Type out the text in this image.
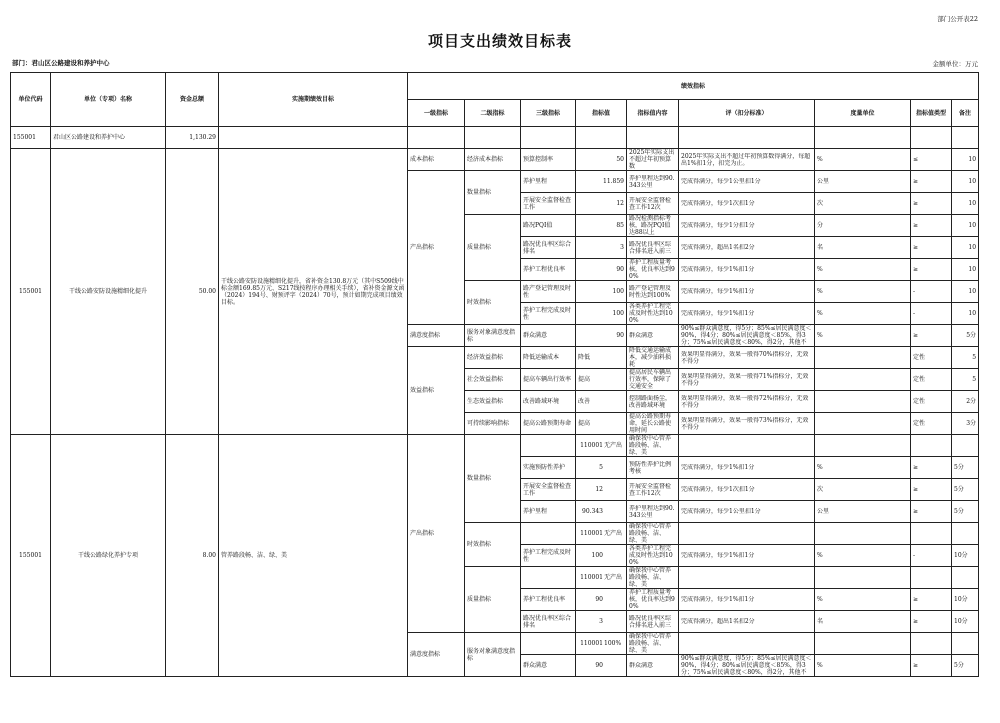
部门公开表22
项目支出绩效目标表
部门：君山区公路建设和养护中心	金额单位：万元
单位代码	单位（专项）名称	资金总额	实施期绩效目标	绩效指标								
				一级指标	二级指标	三级指标	指标值	指标值内容	评（扣分标准）	度量单位	指标值类型	备注
155001	君山区公路建设和养护中心	1,130.29										
155001	干线公路安防设施精细化提升	50.00	干线公路安防设施精细化提升，省补资金130.8万元（其中S509线中标金额169.85万元、S217线按程序办理相关手续），省补资金源文函（2024）194号、财预评字（2024）70号，预计如期完成项目绩效目标。	成本指标	经济成本指标	预算控制率	50	2025年实际支出不超过年初预算数	2025年实际支出不超过年初预算数得满分，每超出1%扣1分，扣完为止。	%	≤	10
				产出指标	数量指标	养护里程	11.859	养护里程达到90.343公里	完成得满分，每少1公里扣1分	公里	≥	10
						开展安全监督检查工作	12	开展安全监督检查工作12次	完成得满分，每少1次扣1分	次	≥	10
					质量指标	路况PQI值	85	路况检测指标考核，路况PQI值达88以上	完成得满分，每少1分扣1分	分	≥	10
						路况优良率区综合排名	3	路况优良率区综合排名进入前三	完成得满分，超出1名扣2分	名	≥	10
						养护工程优良率	90	养护工程质量考核，优良率达到90%	完成得满分，每少1%扣1分	%	≥	10
					时效指标	路产登记管理及时性	100	路产登记管理及时性达到100%	完成得满分，每少1%扣1分	%	-	10
						养护工程完成及时性	100	各类养护工程完成及时性达到100%	完成得满分，每少1%扣1分	%	-	10
				满意度指标	服务对象满意度指标	群众满意	90	群众满意	90%≤群众满意度，得5分；85%≤居民满意度＜90%，得4分；80%≤居民满意度＜85%，得3分；75%≤居民满意度＜80%，得2分，其他不	%	≥	5分
				效益指标	经济效益指标	降低运输成本	降低	降低交通运输成本，减少油料损耗	效果明显得满分，效果一般得70%指标分，无效不得分		定性	5
					社会效益指标	提高车辆出行效率	提高	提高居民车辆出行效率，保障了交通安全	效果明显得满分，效果一般得71%指标分，无效不得分		定性	5
					生态效益指标	改善路域环境	改善	控制路面扬尘，改善路域环境	效果明显得满分，效果一般得72%指标分，无效不得分		定性	2分
					可持续影响指标	提高公路预期寿命	提高	提高公路预期寿命，延长公路使用时间	效果明显得满分，效果一般得73%指标分，无效不得分		定性	3分
155001	干线公路绿化养护专项	8.00	管养路段畅、洁、绿、美	产出指标	数量指标		110001 无产出	确保我中心管养路段畅、洁、绿、美				

						实施预防性养护	5	预防性养护比例考核	完成得满分，每少1%扣1分	%	≥	5分
						开展安全监督检查工作	12	开展安全监督检查工作12次	完成得满分，每少1次扣1分	次	≥	5分
						养护里程	90.343	养护里程达到90.343公里	完成得满分，每少1公里扣1分	公里	≥	5分
					时效指标		110001 无产出	确保我中心管养路段畅、洁、绿、美				

						养护工程完成及时性	100	各类养护工程完成及时性达到100%	完成得满分，每少1%扣1分	%	-	10分
					质量指标		110001 无产出	确保我中心管养路段畅、洁、绿、美				

						养护工程优良率	90	养护工程质量考核，优良率达到90%	完成得满分，每少1%扣1分	%	≥	10分
						路况优良率区综合排名	3	路况优良率区综合排名进入前三	完成得满分，超出1名扣2分	名	≥	10分
				满意度指标	服务对象满意度指标		110001 100%	确保我中心管养路段畅、洁、绿、美				

						群众满意	90	群众满意	90%≤群众满意度，得5分；85%≤居民满意度＜90%，得4分；80%≤居民满意度＜85%，得3分；75%≤居民满意度＜80%，得2分，其他不	%	≥	5分
